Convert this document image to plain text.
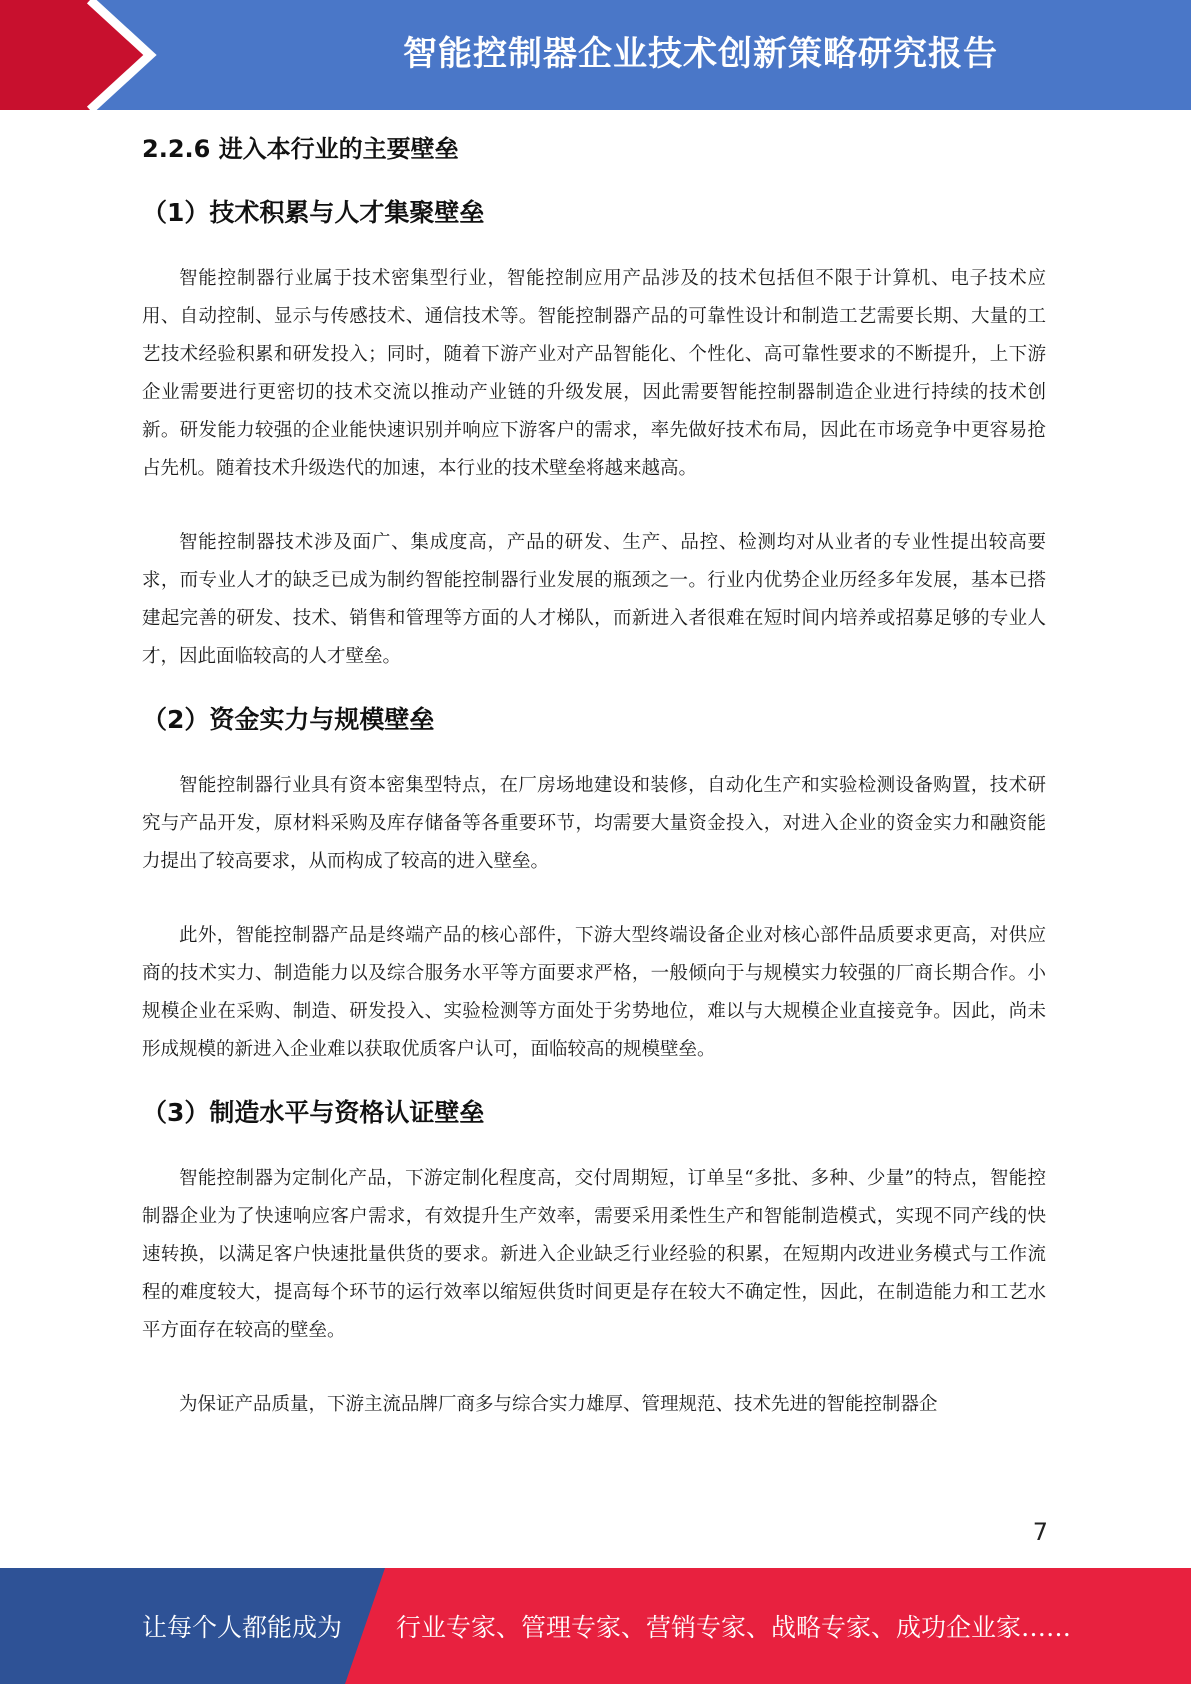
智能控制器企业技术创新策略研究报告
2.2.6 进入本行业的主要壁垒
（1）技术积累与人才集聚壁垒

智能控制器行业属于技术密集型行业，智能控制应用产品涉及的技术包括但不限于计算机、电子技术应用、自动控制、显示与传感技术、通信技术等。智能控制器产品的可靠性设计和制造工艺需要长期、大量的工艺技术经验积累和研发投入；同时，随着下游产业对产品智能化、个性化、高可靠性要求的不断提升，上下游企业需要进行更密切的技术交流以推动产业链的升级发展，因此需要智能控制器制造企业进行持续的技术创新。研发能力较强的企业能快速识别并响应下游客户的需求，率先做好技术布局，因此在市场竞争中更容易抢占先机。随着技术升级迭代的加速，本行业的技术壁垒将越来越高。

智能控制器技术涉及面广、集成度高，产品的研发、生产、品控、检测均对从业者的专业性提出较高要求，而专业人才的缺乏已成为制约智能控制器行业发展的瓶颈之一。行业内优势企业历经多年发展，基本已搭建起完善的研发、技术、销售和管理等方面的人才梯队，而新进入者很难在短时间内培养或招募足够的专业人才，因此面临较高的人才壁垒。

（2）资金实力与规模壁垒

智能控制器行业具有资本密集型特点，在厂房场地建设和装修，自动化生产和实验检测设备购置，技术研究与产品开发，原材料采购及库存储备等各重要环节，均需要大量资金投入，对进入企业的资金实力和融资能力提出了较高要求，从而构成了较高的进入壁垒。

此外，智能控制器产品是终端产品的核心部件，下游大型终端设备企业对核心部件品质要求更高，对供应商的技术实力、制造能力以及综合服务水平等方面要求严格，一般倾向于与规模实力较强的厂商长期合作。小规模企业在采购、制造、研发投入、实验检测等方面处于劣势地位，难以与大规模企业直接竞争。因此，尚未形成规模的新进入企业难以获取优质客户认可，面临较高的规模壁垒。

（3）制造水平与资格认证壁垒

智能控制器为定制化产品，下游定制化程度高，交付周期短，订单呈“多批、多种、少量”的特点，智能控制器企业为了快速响应客户需求，有效提升生产效率，需要采用柔性生产和智能制造模式，实现不同产线的快速转换，以满足客户快速批量供货的要求。新进入企业缺乏行业经验的积累，在短期内改进业务模式与工作流程的难度较大，提高每个环节的运行效率以缩短供货时间更是存在较大不确定性，因此，在制造能力和工艺水平方面存在较高的壁垒。

为保证产品质量，下游主流品牌厂商多与综合实力雄厚、管理规范、技术先进的智能控制器企

7
让每个人都能成为 行业专家、管理专家、营销专家、战略专家、成功企业家……
